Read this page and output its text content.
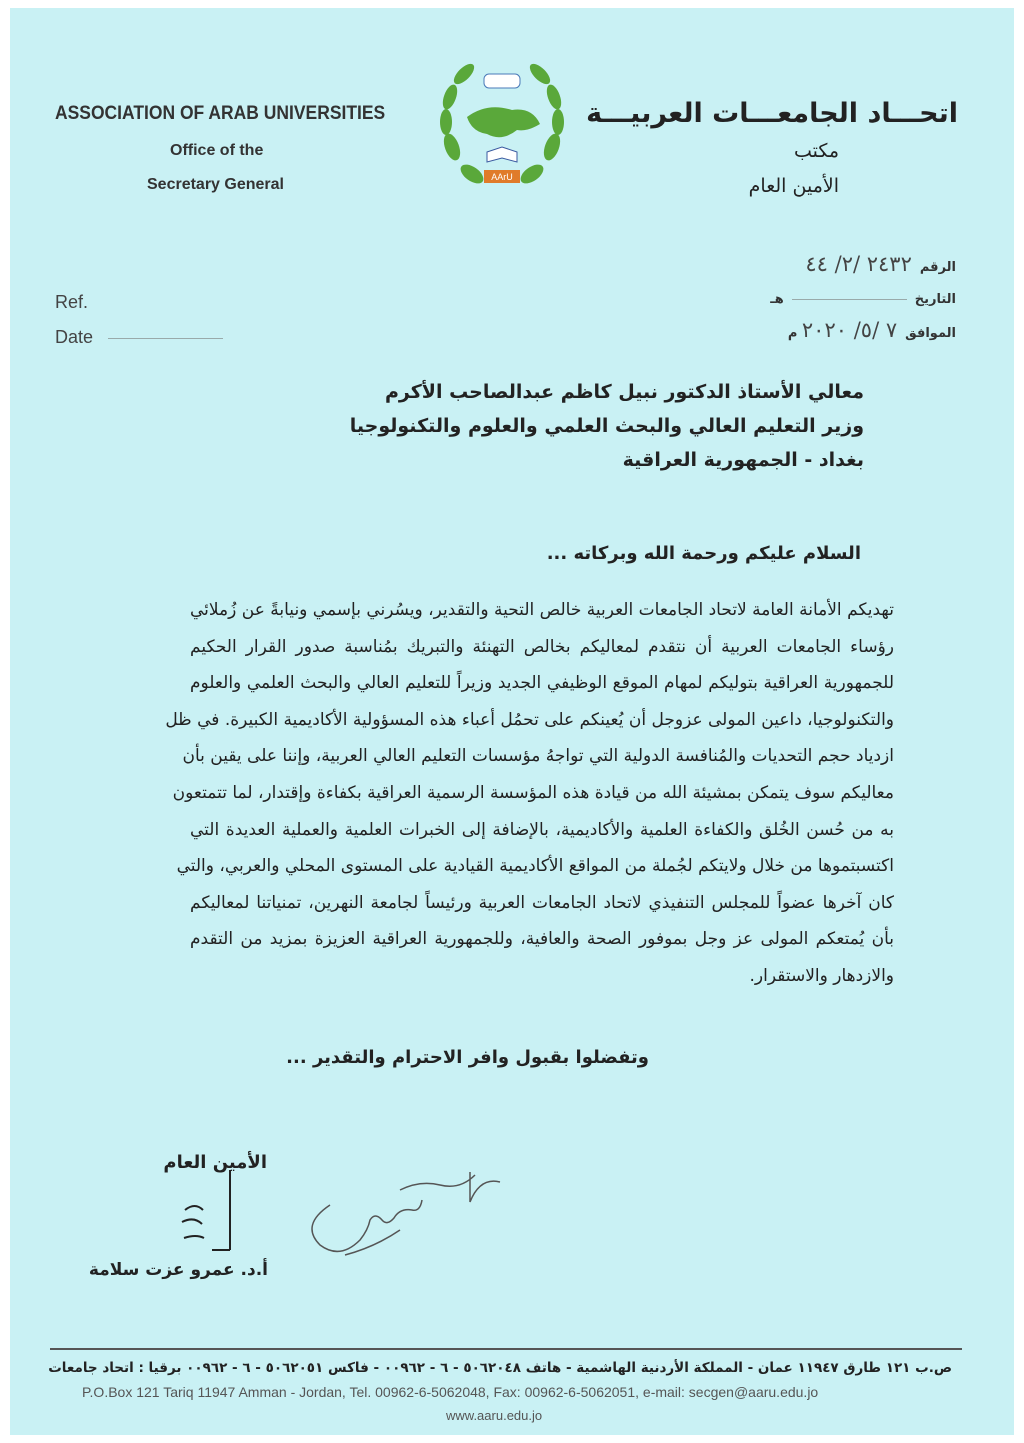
ASSOCIATION OF ARAB UNIVERSITIES
Office of the
Secretary General
اتحـــاد الجامعـــات العربيـــة
مكتب
الأمين العام
AArU
Ref.
Date
الرقم٢٤٣٢ /٢/ ٤٤
التاريخهـ
الموافق٧ /٥/ ٢٠٢٠ م
معالي الأستاذ الدكتور نبيل كاظم عبدالصاحب الأكرم
وزير التعليم العالي والبحث العلمي والعلوم والتكنولوجيا
بغداد - الجمهورية العراقية
السلام عليكم ورحمة الله وبركاته ...
تهديكم الأمانة العامة لاتحاد الجامعات العربية خالص التحية والتقدير، ويسُرني بإسمي ونيابةً عن زُملائي
رؤساء الجامعات العربية أن نتقدم لمعاليكم بخالص التهنئة والتبريك بمُناسبة صدور القرار الحكيم
للجمهورية العراقية بتوليكم لمهام الموقع الوظيفي الجديد وزيراً للتعليم العالي والبحث العلمي والعلوم
والتكنولوجيا، داعين المولى عزوجل أن يُعينكم على تحمُل أعباء هذه المسؤولية الأكاديمية الكبيرة. في ظل
ازدياد حجم التحديات والمُنافسة الدولية التي تواجهُ مؤسسات التعليم العالي العربية، وإننا على يقين بأن
معاليكم سوف يتمكن بمشيئة الله من قيادة هذه المؤسسة الرسمية العراقية بكفاءة وإقتدار، لما تتمتعون
به من حُسن الخُلق والكفاءة العلمية والأكاديمية، بالإضافة إلى الخبرات العلمية والعملية العديدة التي
اكتسبتموها من خلال ولايتكم لجُملة من المواقع الأكاديمية القيادية على المستوى المحلي والعربي، والتي
كان آخرها عضواً للمجلس التنفيذي لاتحاد الجامعات العربية ورئيساً لجامعة النهرين، تمنياتنا لمعاليكم
بأن يُمتعكم المولى عز وجل بموفور الصحة والعافية، وللجمهورية العراقية العزيزة بمزيد من التقدم
والازدهار والاستقرار.
وتفضلوا بقبول وافر الاحترام والتقدير ...
الأمين العام
أ.د. عمرو عزت سلامة
ص.ب ١٢١ طارق ١١٩٤٧ عمان - المملكة الأردنية الهاشمية - هاتف ٥٠٦٢٠٤٨ - ٦ - ٠٠٩٦٢ - فاكس ٥٠٦٢٠٥١ - ٦ - ٠٠٩٦٢ برقيا : اتحاد جامعات
P.O.Box 121 Tariq 11947 Amman - Jordan, Tel. 00962-6-5062048, Fax: 00962-6-5062051, e-mail: secgen@aaru.edu.jo
www.aaru.edu.jo
